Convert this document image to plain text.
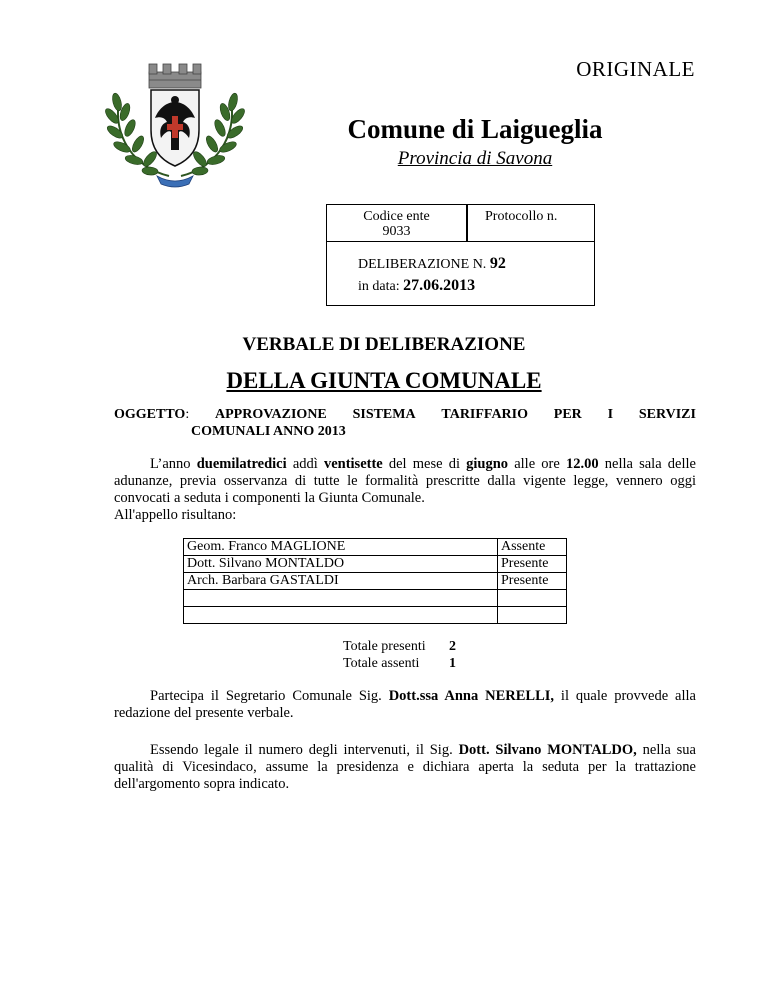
ORIGINALE
Comune di Laigueglia
Provincia di Savona
Codice ente
9033
Protocollo n.
DELIBERAZIONE N. 92
in data: 27.06.2013
VERBALE DI DELIBERAZIONE
DELLA GIUNTA COMUNALE
OGGETTO: APPROVAZIONE SISTEMA TARIFFARIO PER I SERVIZI
COMUNALI ANNO 2013
L’anno duemilatredici addì ventisette del mese di giugno alle ore 12.00 nella sala delle adunanze, previa osservanza di tutte le formalità prescritte dalla vigente legge, vennero oggi convocati a seduta i componenti la Giunta Comunale.
All'appello risultano:
Geom. Franco MAGLIONE	Assente
Dott. Silvano MONTALDO	Presente
Arch. Barbara GASTALDI	Presente

Totale presenti	2
Totale assenti	1
Partecipa il Segretario Comunale Sig. Dott.ssa Anna NERELLI, il quale provvede alla redazione del presente verbale.
Essendo legale il numero degli intervenuti, il Sig. Dott. Silvano MONTALDO, nella sua qualità di Vicesindaco, assume la presidenza e dichiara aperta la seduta per la trattazione dell'argomento sopra indicato.
